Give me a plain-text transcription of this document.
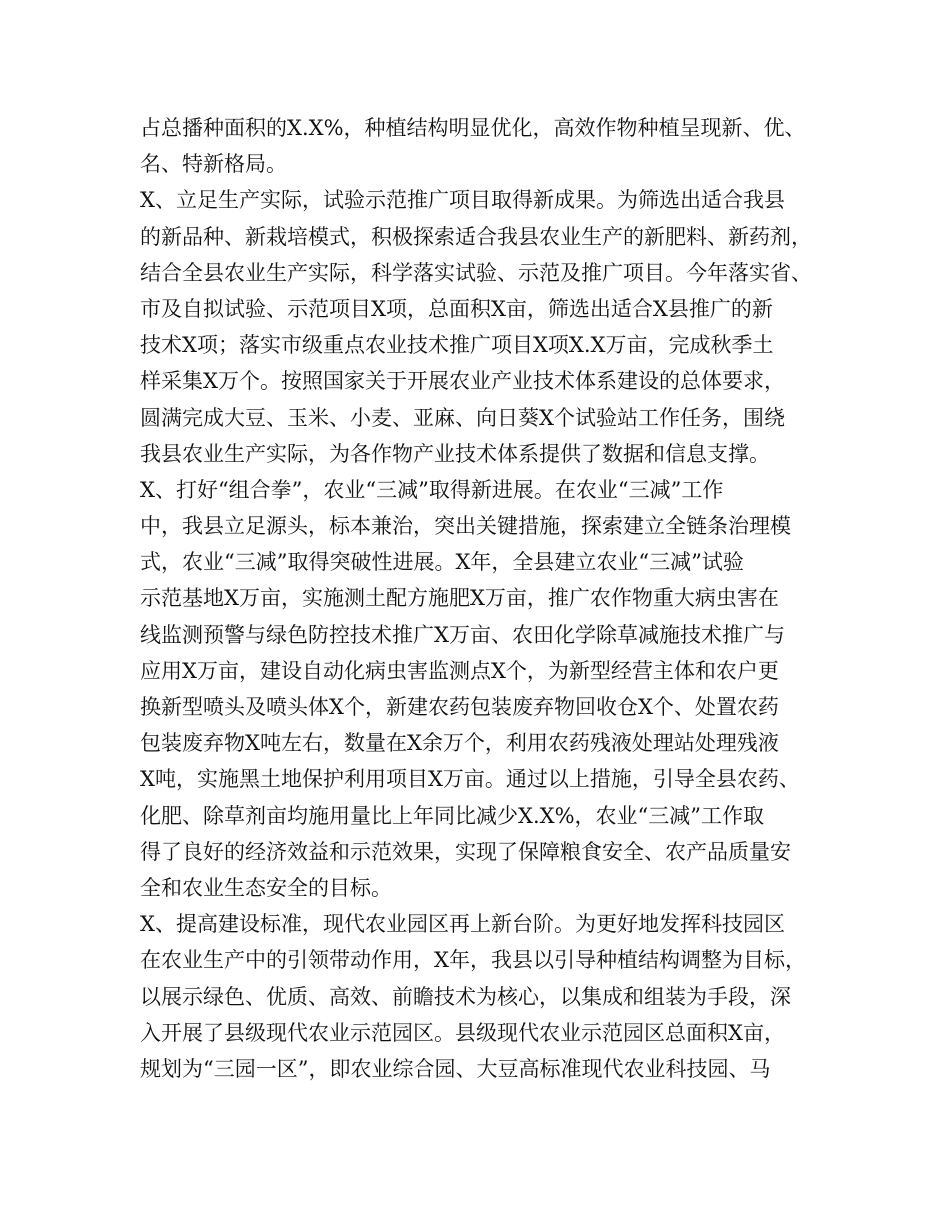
占总播种面积的X.X%，种植结构明显优化，高效作物种植呈现新、优、
名、特新格局。
X、立足生产实际，试验示范推广项目取得新成果。为筛选出适合我县
的新品种、新栽培模式，积极探索适合我县农业生产的新肥料、新药剂，
结合全县农业生产实际，科学落实试验、示范及推广项目。今年落实省、
市及自拟试验、示范项目X项，总面积X亩，筛选出适合X县推广的新
技术X项；落实市级重点农业技术推广项目X项X.X万亩，完成秋季土
样采集X万个。按照国家关于开展农业产业技术体系建设的总体要求，
圆满完成大豆、玉米、小麦、亚麻、向日葵X个试验站工作任务，围绕
我县农业生产实际，为各作物产业技术体系提供了数据和信息支撑。
X、打好“组合拳”，农业“三减”取得新进展。在农业“三减”工作
中，我县立足源头，标本兼治，突出关键措施，探索建立全链条治理模
式，农业“三减”取得突破性进展。X年，全县建立农业“三减”试验
示范基地X万亩，实施测土配方施肥X万亩，推广农作物重大病虫害在
线监测预警与绿色防控技术推广X万亩、农田化学除草减施技术推广与
应用X万亩，建设自动化病虫害监测点X个，为新型经营主体和农户更
换新型喷头及喷头体X个，新建农药包装废弃物回收仓X个、处置农药
包装废弃物X吨左右，数量在X余万个，利用农药残液处理站处理残液
X吨，实施黑土地保护利用项目X万亩。通过以上措施，引导全县农药、
化肥、除草剂亩均施用量比上年同比减少X.X%，农业“三减”工作取
得了良好的经济效益和示范效果，实现了保障粮食安全、农产品质量安
全和农业生态安全的目标。
X、提高建设标准，现代农业园区再上新台阶。为更好地发挥科技园区
在农业生产中的引领带动作用，X年，我县以引导种植结构调整为目标，
以展示绿色、优质、高效、前瞻技术为核心，以集成和组装为手段，深
入开展了县级现代农业示范园区。县级现代农业示范园区总面积X亩，
规划为“三园一区”，即农业综合园、大豆高标准现代农业科技园、马
